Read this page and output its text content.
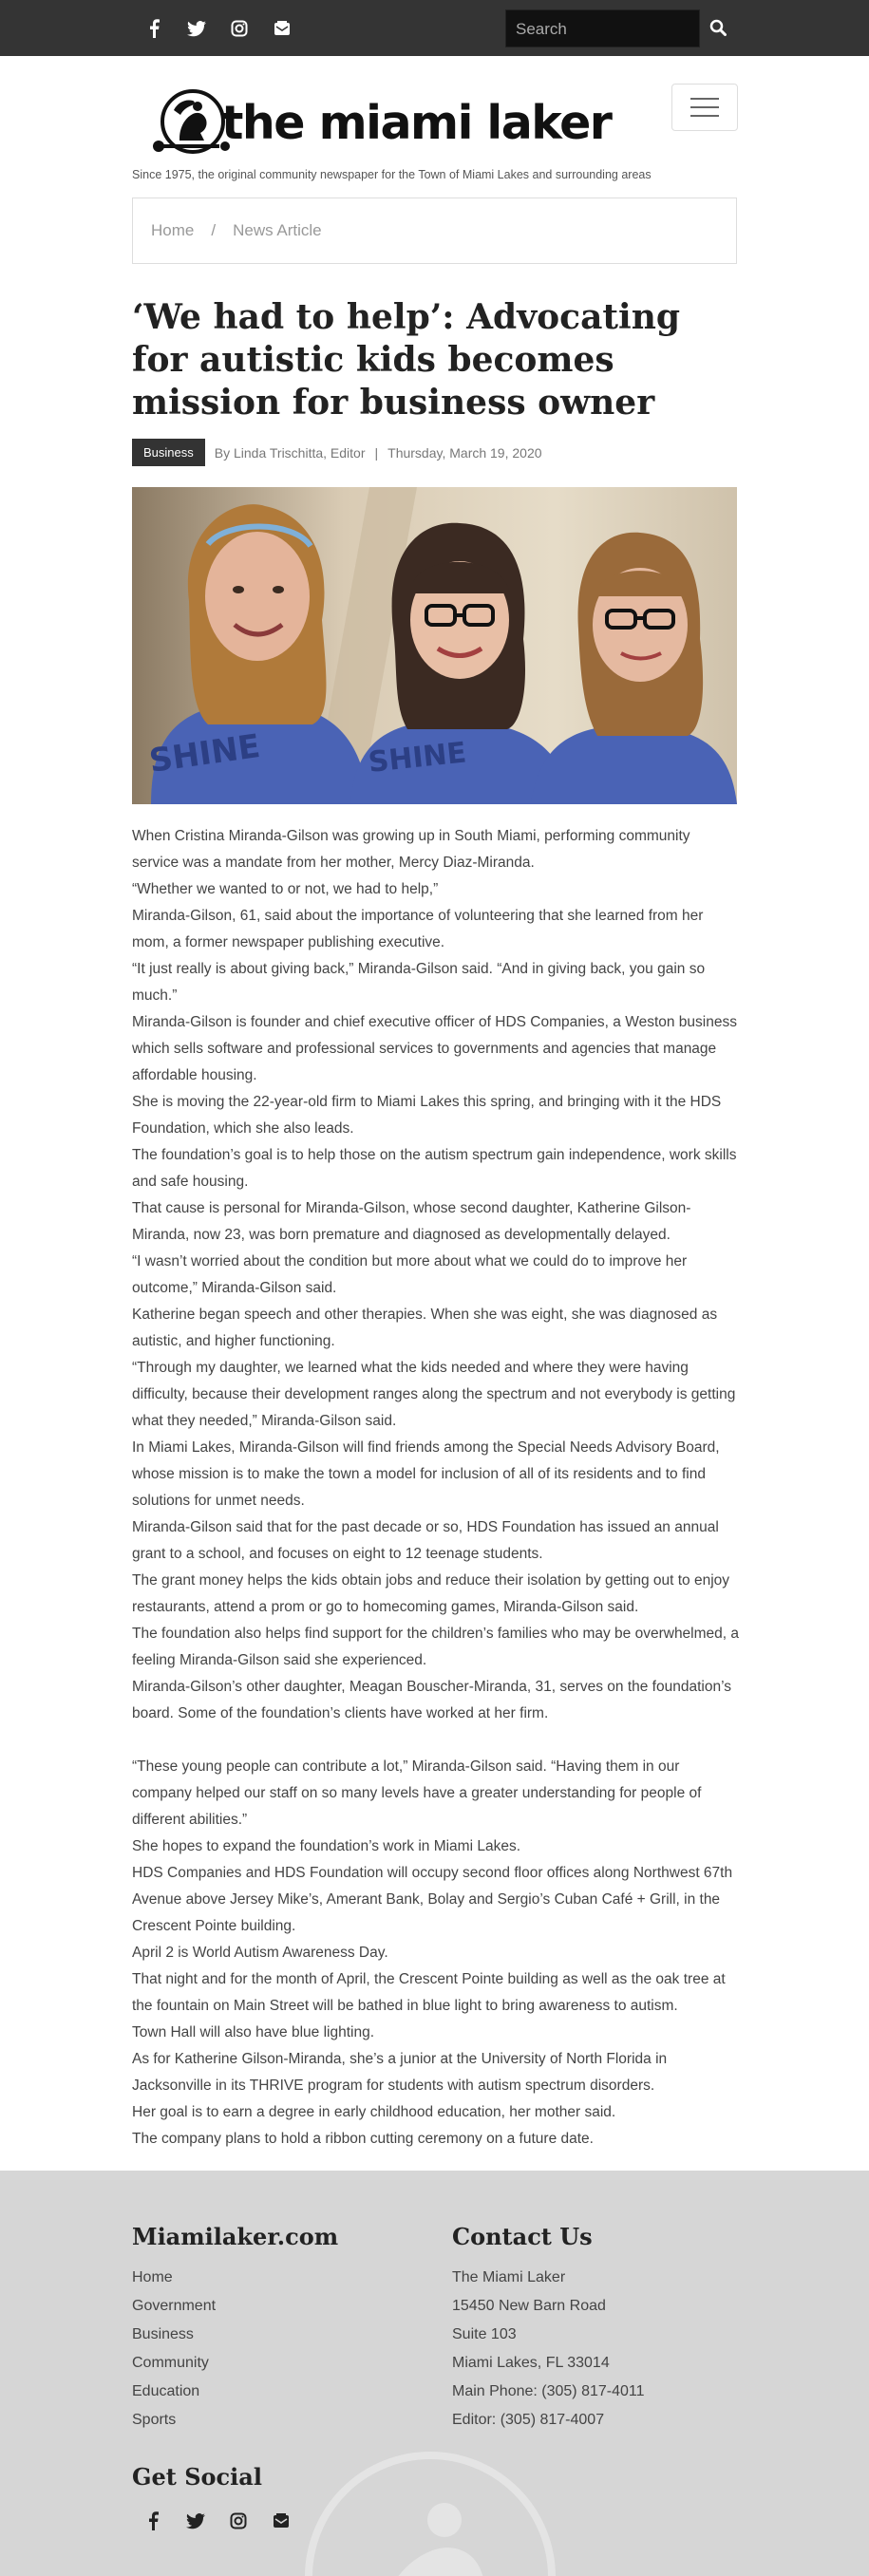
Search
the miami laker
Since 1975, the original community newspaper for the Town of Miami Lakes and surrounding areas
Home / News Article
‘We had to help’: Advocating for autistic kids becomes mission for business owner
Business	By Linda Trischitta, Editor | Thursday, March 19, 2020
SHINE	SHINE

When Cristina Miranda-Gilson was growing up in South Miami, performing community service was a mandate from her mother, Mercy Diaz-Miranda.

“Whether we wanted to or not, we had to help,”

Miranda-Gilson, 61, said about the importance of volunteering that she learned from her mom, a former newspaper publishing executive.

“It just really is about giving back,” Miranda-Gilson said. “And in giving back, you gain so much.”

Miranda-Gilson is founder and chief executive officer of HDS Companies, a Weston business which sells software and professional services to governments and agencies that manage affordable housing.

She is moving the 22-year-old firm to Miami Lakes this spring, and bringing with it the HDS Foundation, which she also leads.

The foundation’s goal is to help those on the autism spectrum gain independence, work skills and safe housing.

That cause is personal for Miranda-Gilson, whose second daughter, Katherine Gilson-Miranda, now 23, was born premature and diagnosed as developmentally delayed.

“I wasn’t worried about the condition but more about what we could do to improve her outcome,” Miranda-Gilson said.

Katherine began speech and other therapies. When she was eight, she was diagnosed as autistic, and higher functioning.

“Through my daughter, we learned what the kids needed and where they were having difficulty, because their development ranges along the spectrum and not everybody is getting what they needed,” Miranda-Gilson said.

In Miami Lakes, Miranda-Gilson will find friends among the Special Needs Advisory Board, whose mission is to make the town a model for inclusion of all of its residents and to find solutions for unmet needs.

Miranda-Gilson said that for the past decade or so, HDS Foundation has issued an annual grant to a school, and focuses on eight to 12 teenage students.

The grant money helps the kids obtain jobs and reduce their isolation by getting out to enjoy restaurants, attend a prom or go to homecoming games, Miranda-Gilson said.

The foundation also helps find support for the children’s families who may be overwhelmed, a feeling Miranda-Gilson said she experienced.

Miranda-Gilson’s other daughter, Meagan Bouscher-Miranda, 31, serves on the foundation’s board. Some of the foundation’s clients have worked at her firm.

“These young people can contribute a lot,” Miranda-Gilson said. “Having them in our company helped our staff on so many levels have a greater understanding for people of different abilities.”

She hopes to expand the foundation’s work in Miami Lakes.

HDS Companies and HDS Foundation will occupy second floor offices along Northwest 67th Avenue above Jersey Mike’s, Amerant Bank, Bolay and Sergio’s Cuban Café + Grill, in the Crescent Pointe building.

April 2 is World Autism Awareness Day.

That night and for the month of April, the Crescent Pointe building as well as the oak tree at the fountain on Main Street will be bathed in blue light to bring awareness to autism.

Town Hall will also have blue lighting.

As for Katherine Gilson-Miranda, she’s a junior at the University of North Florida in Jacksonville in its THRIVE program for students with autism spectrum disorders.

Her goal is to earn a degree in early childhood education, her mother said.

The company plans to hold a ribbon cutting ceremony on a future date.

Miamilaker.com
Home
Government
Business
Community
Education
Sports
Contact Us
The Miami Laker
15450 New Barn Road
Suite 103
Miami Lakes, FL 33014
Main Phone: (305) 817-4011
Editor: (305) 817-4007
Get Social
